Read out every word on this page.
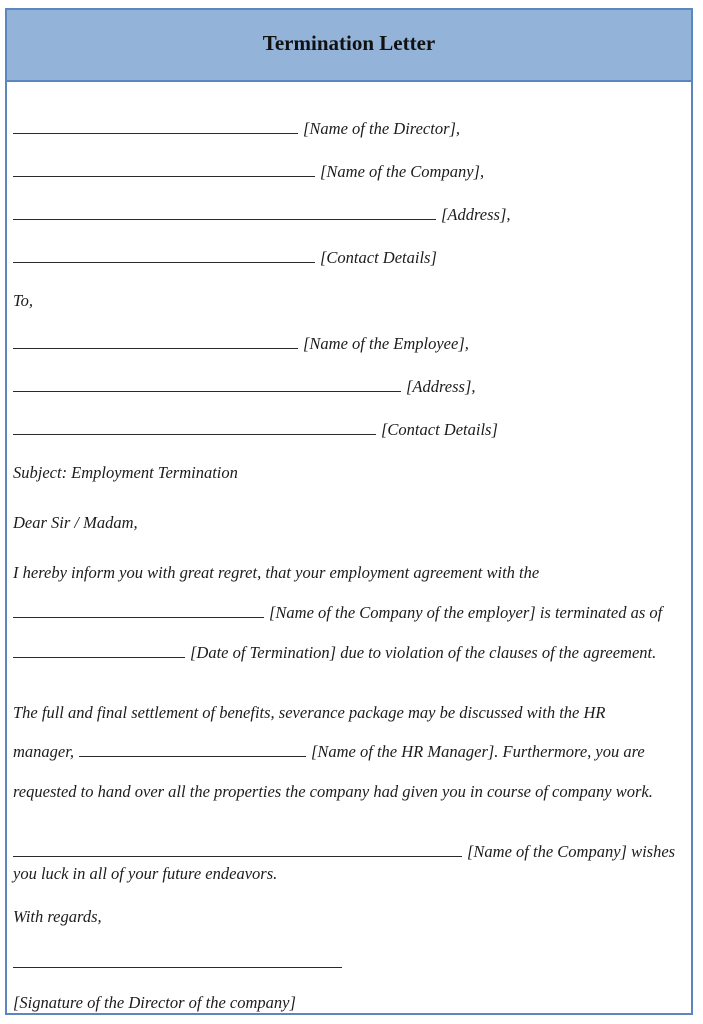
Termination Letter

[Name of the Director],

[Name of the Company],

[Address],

[Contact Details]

To,

[Name of the Employee],

[Address],

[Contact Details]

Subject: Employment Termination

Dear Sir / Madam,

I hereby inform you with great regret, that your employment agreement with the

[Name of the Company of the employer] is terminated as of

[Date of Termination] due to violation of the clauses of the agreement.

The full and final settlement of benefits, severance package may be discussed with the HR

manager,	[Name of the HR Manager]. Furthermore, you are

requested to hand over all the properties the company had given you in course of company work.

[Name of the Company] wishes

you luck in all of your future endeavors.

With regards,

[Signature of the Director of the company]
